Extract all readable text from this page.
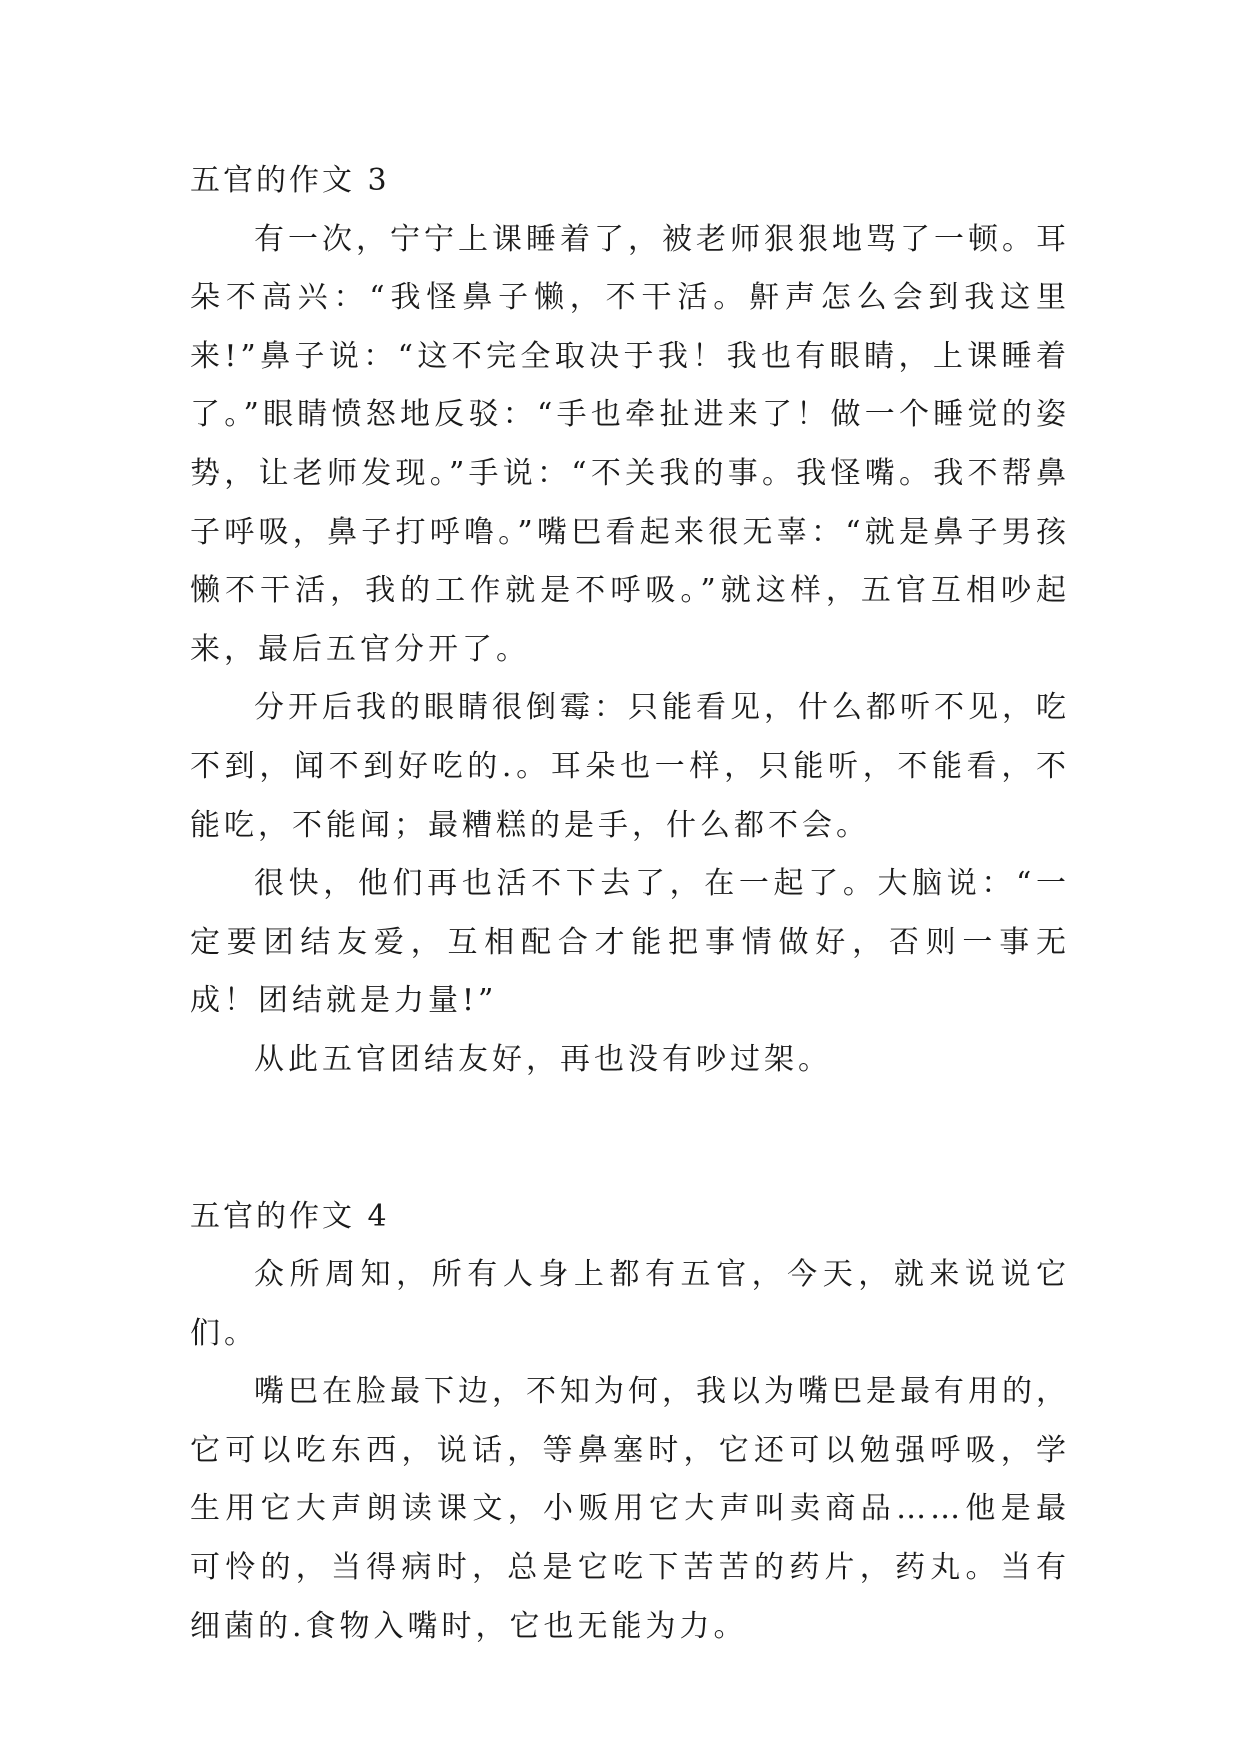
五官的作文 3

有一次，宁宁上课睡着了，被老师狠狠地骂了一顿。耳朵不高兴：“我怪鼻子懒，不干活。鼾声怎么会到我这里来!”鼻子说：“这不完全取决于我！我也有眼睛，上课睡着了。”眼睛愤怒地反驳：“手也牵扯进来了！做一个睡觉的姿势，让老师发现。”手说：“不关我的事。我怪嘴。我不帮鼻子呼吸，鼻子打呼噜。”嘴巴看起来很无辜：“就是鼻子男孩懒不干活，我的工作就是不呼吸。”就这样，五官互相吵起来，最后五官分开了。

分开后我的眼睛很倒霉：只能看见，什么都听不见，吃不到，闻不到好吃的.。耳朵也一样，只能听，不能看，不能吃，不能闻；最糟糕的是手，什么都不会。

很快，他们再也活不下去了，在一起了。大脑说：“一定要团结友爱，互相配合才能把事情做好，否则一事无成！团结就是力量!”

从此五官团结友好，再也没有吵过架。

五官的作文 4

众所周知，所有人身上都有五官，今天，就来说说它们。

嘴巴在脸最下边，不知为何，我以为嘴巴是最有用的，它可以吃东西，说话，等鼻塞时，它还可以勉强呼吸，学生用它大声朗读课文，小贩用它大声叫卖商品……他是最可怜的，当得病时，总是它吃下苦苦的药片，药丸。当有细菌的.食物入嘴时，它也无能为力。
